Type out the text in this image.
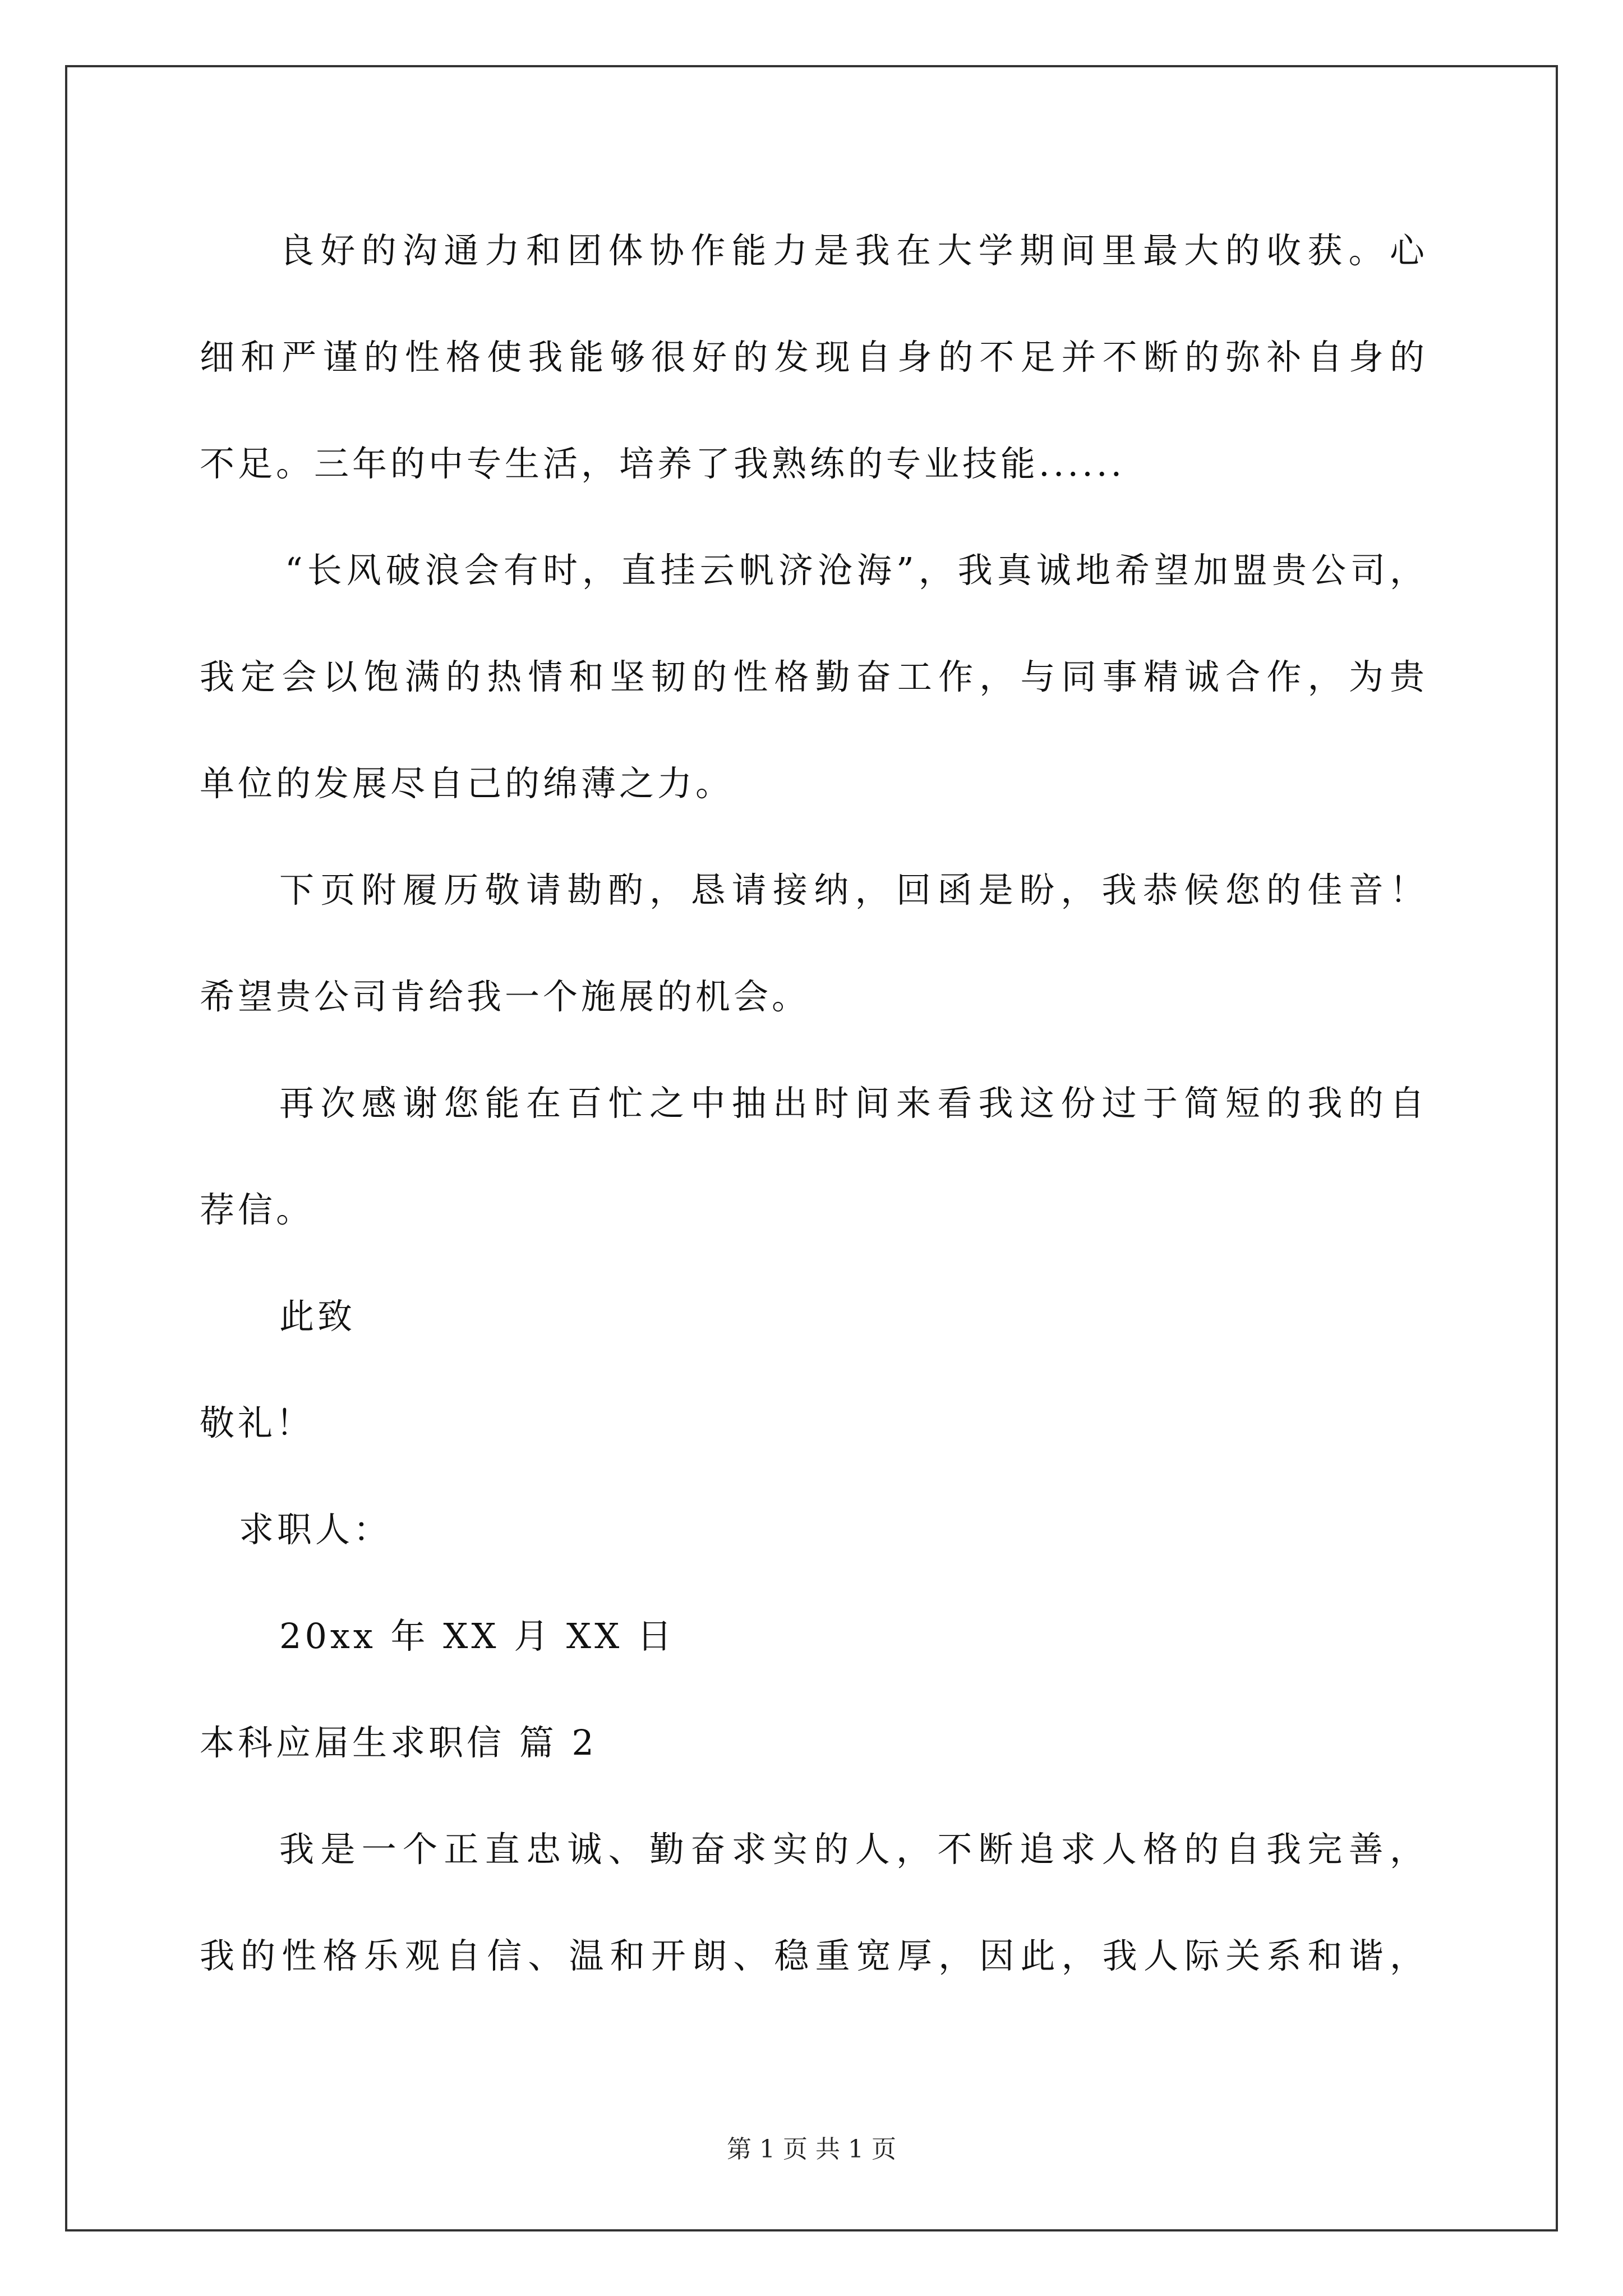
良好的沟通力和团体协作能力是我在大学期间里最大的收获。心
细和严谨的性格使我能够很好的发现自身的不足并不断的弥补自身的
不足。三年的中专生活，培养了我熟练的专业技能......
“长风破浪会有时，直挂云帆济沧海”，我真诚地希望加盟贵公司，
我定会以饱满的热情和坚韧的性格勤奋工作，与同事精诚合作，为贵
单位的发展尽自己的绵薄之力。
下页附履历敬请勘酌，恳请接纳，回函是盼，我恭候您的佳音！
希望贵公司肯给我一个施展的机会。
再次感谢您能在百忙之中抽出时间来看我这份过于简短的我的自
荐信。
此致
敬礼！
求职人：
20xx 年 XX 月 XX 日
本科应届生求职信 篇 2
我是一个正直忠诚、勤奋求实的人，不断追求人格的自我完善，
我的性格乐观自信、温和开朗、稳重宽厚，因此，我人际关系和谐，
第 1 页 共 1 页
